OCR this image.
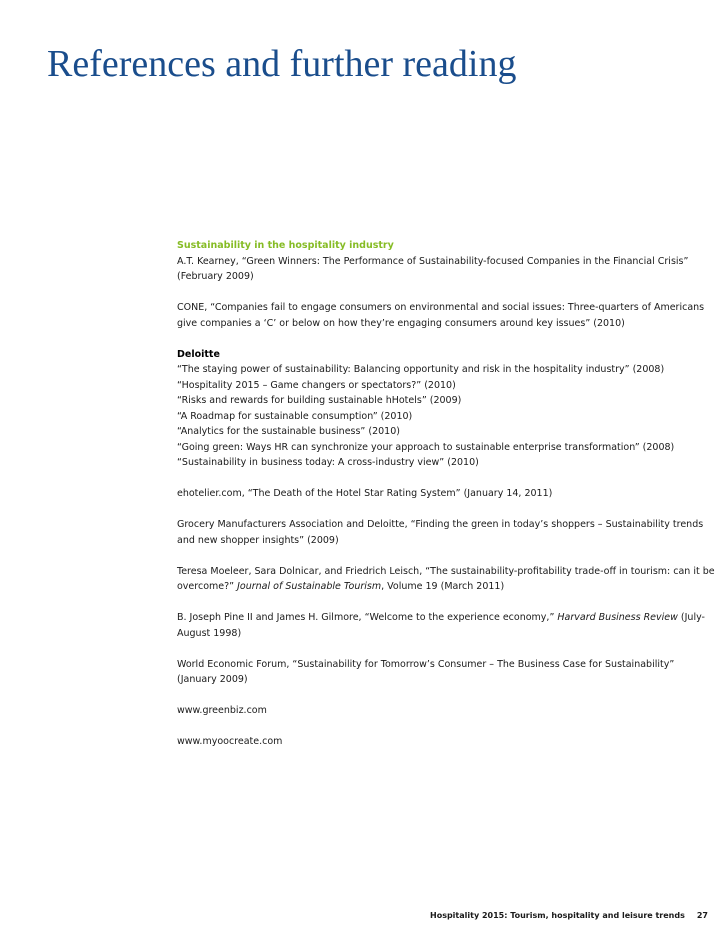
References and further reading
Sustainability in the hospitality industry
A.T. Kearney, “Green Winners: The Performance of Sustainability-focused Companies in the Financial Crisis”
(February 2009)
CONE, “Companies fail to engage consumers on environmental and social issues: Three-quarters of Americans
give companies a ‘C’ or below on how they’re engaging consumers around key issues” (2010)
Deloitte
“The staying power of sustainability: Balancing opportunity and risk in the hospitality industry” (2008)
“Hospitality 2015 – Game changers or spectators?” (2010)
“Risks and rewards for building sustainable hHotels” (2009)
“A Roadmap for sustainable consumption” (2010)
“Analytics for the sustainable business” (2010)
“Going green: Ways HR can synchronize your approach to sustainable enterprise transformation” (2008)
“Sustainability in business today: A cross-industry view” (2010)
ehotelier.com, “The Death of the Hotel Star Rating System” (January 14, 2011)
Grocery Manufacturers Association and Deloitte, “Finding the green in today’s shoppers – Sustainability trends
and new shopper insights” (2009)
Teresa Moeleer, Sara Dolnicar, and Friedrich Leisch, “The sustainability-profitability trade-off in tourism: can it be
overcome?” Journal of Sustainable Tourism, Volume 19 (March 2011)
B. Joseph Pine II and James H. Gilmore, “Welcome to the experience economy,” Harvard Business Review (July-
August 1998)
World Economic Forum, “Sustainability for Tomorrow’s Consumer – The Business Case for Sustainability”
(January 2009)
www.greenbiz.com
www.myoocreate.com
Hospitality 2015: Tourism, hospitality and leisure trends 27
